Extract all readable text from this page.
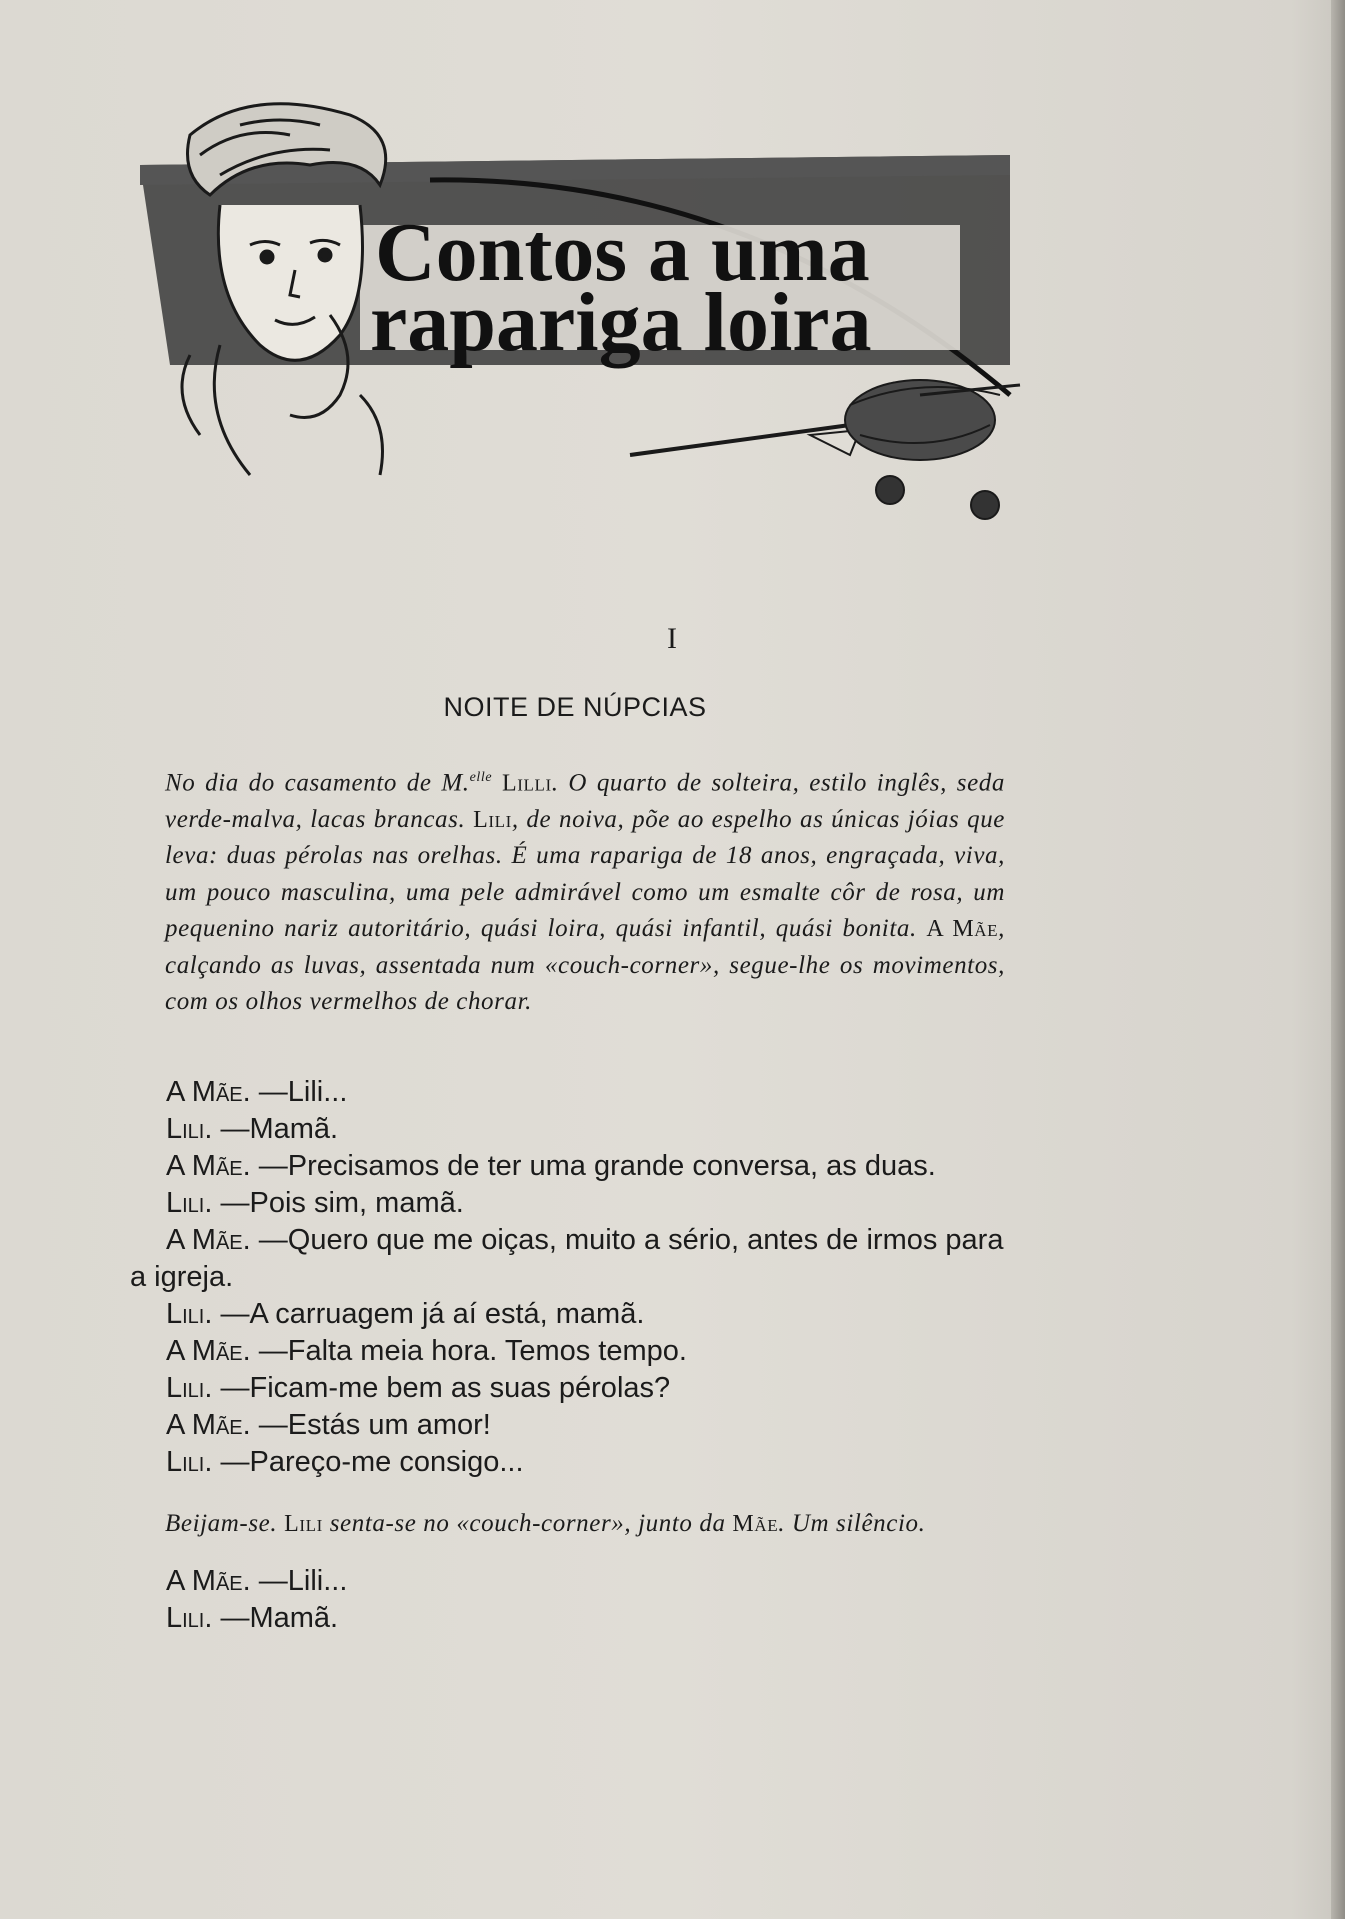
Contos a uma
rapariga loira
I
NOITE DE NÚPCIAS
No dia do casamento de M.$^{elle}$ Lilli. O quarto de solteira, estilo inglês, seda verde-malva, lacas brancas. Lili, de noiva, põe ao espelho as únicas jóias que leva: duas pérolas nas orelhas. É uma rapariga de 18 anos, engraçada, viva, um pouco masculina, uma pele admirável como um esmalte côr de rosa, um pequenino nariz autoritário, quási loira, quási infantil, quási bonita. A Mãe, calçando as luvas, assentada num «couch-corner», segue-lhe os movimentos, com os olhos vermelhos de chorar.
A Mãe. —Lili...
Lili. —Mamã.
A Mãe. —Precisamos de ter uma grande conversa, as duas.
Lili. —Pois sim, mamã.
A Mãe. —Quero que me oiças, muito a sério, antes de irmos para a igreja.
Lili. —A carruagem já aí está, mamã.
A Mãe. —Falta meia hora. Temos tempo.
Lili. —Ficam-me bem as suas pérolas?
A Mãe. —Estás um amor!
Lili. —Pareço-me consigo...
Beijam-se. Lili senta-se no «couch-corner», junto da Mãe. Um silêncio.
A Mãe. —Lili...
Lili. —Mamã.
